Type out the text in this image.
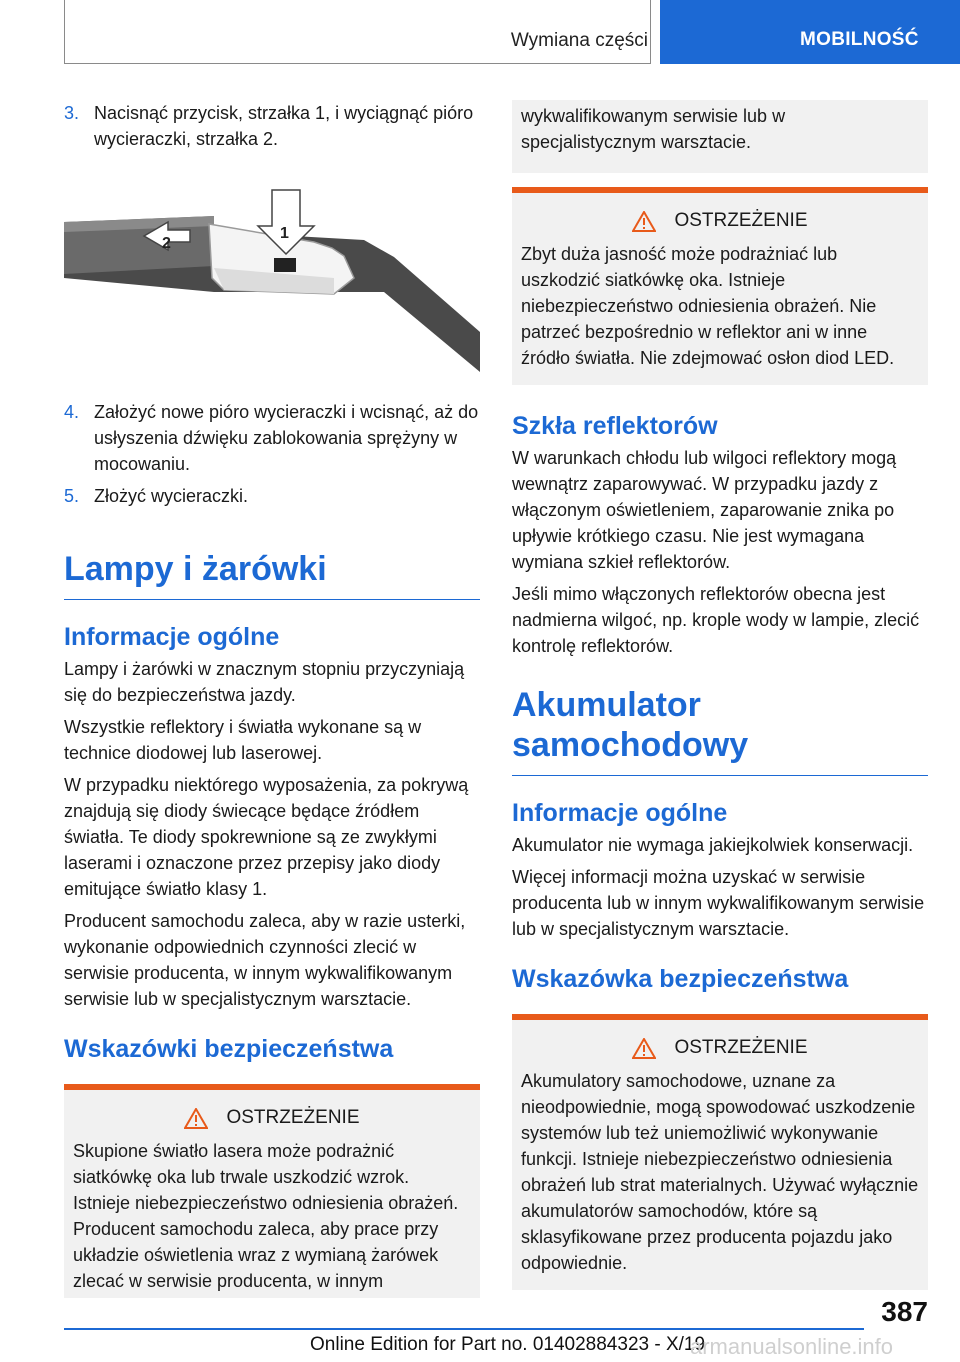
Wymiana części	MOBILNOŚĆ
3. Nacisnąć przycisk, strzałka 1, i wyciągnąć pióro wycieraczki, strzałka 2.
2
1
4. Założyć nowe pióro wycieraczki i wcisnąć, aż do usłyszenia dźwięku zablokowania sprężyny w mocowaniu.
5. Złożyć wycieraczki.
Lampy i żarówki
Informacje ogólne

Lampy i żarówki w znacznym stopniu przyczyniają się do bezpieczeństwa jazdy.

Wszystkie reflektory i światła wykonane są w technice diodowej lub laserowej.

W przypadku niektórego wyposażenia, za pokrywą znajdują się diody świecące będące źródłem światła. Te diody spokrewnione są ze zwykłymi laserami i oznaczone przez przepisy jako diody emitujące światło klasy 1.

Producent samochodu zaleca, aby w razie usterki, wykonanie odpowiednich czynności zlecić w serwisie producenta, w innym wykwalifikowanym serwisie lub w specjalistycznym warsztacie.

Wskazówki bezpieczeństwa
OSTRZEŻENIE

Skupione światło lasera może podrażnić siatkówkę oka lub trwale uszkodzić wzrok. Istnieje niebezpieczeństwo odniesienia obrażeń. Producent samochodu zaleca, aby prace przy układzie oświetlenia wraz z wymianą żarówek zlecać w serwisie producenta, w innym

wykwalifikowanym serwisie lub w specjalistycznym warsztacie.

OSTRZEŻENIE

Zbyt duża jasność może podrażniać lub uszkodzić siatkówkę oka. Istnieje niebezpieczeństwo odniesienia obrażeń. Nie patrzeć bezpośrednio w reflektor ani w inne źródło światła. Nie zdejmować osłon diod LED.

Szkła reflektorów

W warunkach chłodu lub wilgoci reflektory mogą wewnątrz zaparowywać. W przypadku jazdy z włączonym oświetleniem, zaparowanie znika po upływie krótkiego czasu. Nie jest wymagana wymiana szkieł reflektorów.

Jeśli mimo włączonych reflektorów obecna jest nadmierna wilgoć, np. krople wody w lampie, zlecić kontrolę reflektorów.

Akumulator samochodowy
Informacje ogólne

Akumulator nie wymaga jakiejkolwiek konserwacji.

Więcej informacji można uzyskać w serwisie producenta lub w innym wykwalifikowanym serwisie lub w specjalistycznym warsztacie.

Wskazówka bezpieczeństwa
OSTRZEŻENIE

Akumulatory samochodowe, uznane za nieodpowiednie, mogą spowodować uszkodzenie systemów lub też uniemożliwić wykonywanie funkcji. Istnieje niebezpieczeństwo odniesienia obrażeń lub strat materialnych. Używać wyłącznie akumulatorów samochodów, które są sklasyfikowane przez producenta pojazdu jako odpowiednie.

387
Online Edition for Part no. 01402884323 - X/19
armanualsonline.info
